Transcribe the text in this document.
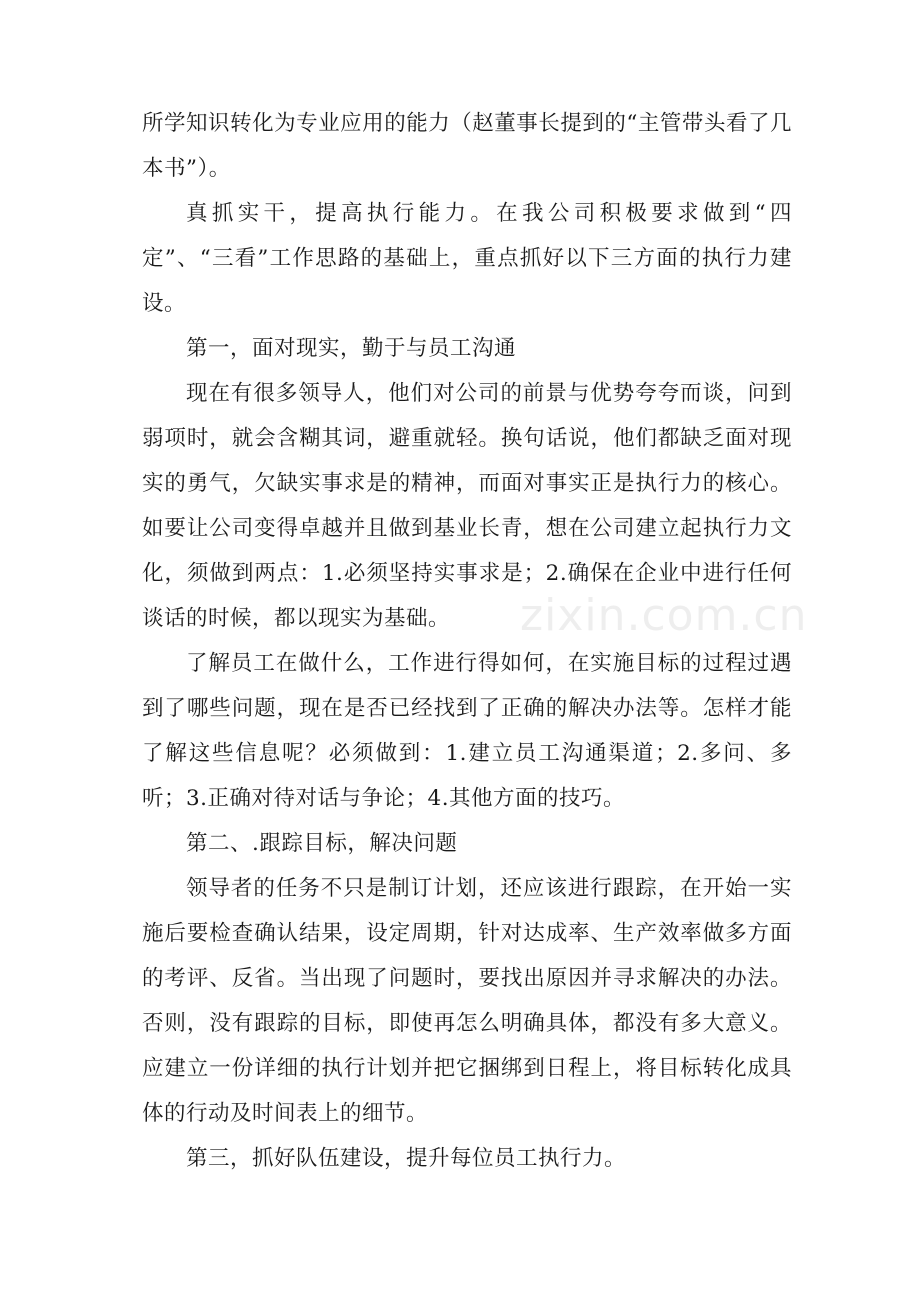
所学知识转化为专业应用的能力（赵董事长提到的“主管带头看了几本书”）。

真抓实干，提高执行能力。在我公司积极要求做到“四定”、“三看”工作思路的基础上，重点抓好以下三方面的执行力建设。

第一，面对现实，勤于与员工沟通

现在有很多领导人，他们对公司的前景与优势夸夸而谈，问到弱项时，就会含糊其词，避重就轻。换句话说，他们都缺乏面对现实的勇气，欠缺实事求是的精神，而面对事实正是执行力的核心。如要让公司变得卓越并且做到基业长青，想在公司建立起执行力文化，须做到两点：1.必须坚持实事求是；2.确保在企业中进行任何谈话的时候，都以现实为基础。

了解员工在做什么，工作进行得如何，在实施目标的过程过遇到了哪些问题，现在是否已经找到了正确的解决办法等。怎样才能了解这些信息呢？必须做到：1.建立员工沟通渠道；2.多问、多听；3.正确对待对话与争论；4.其他方面的技巧。

第二、.跟踪目标，解决问题

领导者的任务不只是制订计划，还应该进行跟踪，在开始一实施后要检查确认结果，设定周期，针对达成率、生产效率做多方面的考评、反省。当出现了问题时，要找出原因并寻求解决的办法。否则，没有跟踪的目标，即使再怎么明确具体，都没有多大意义。 应建立一份详细的执行计划并把它捆绑到日程上，将目标转化成具体的行动及时间表上的细节。

第三，抓好队伍建设，提升每位员工执行力。

zixin.com.cn
